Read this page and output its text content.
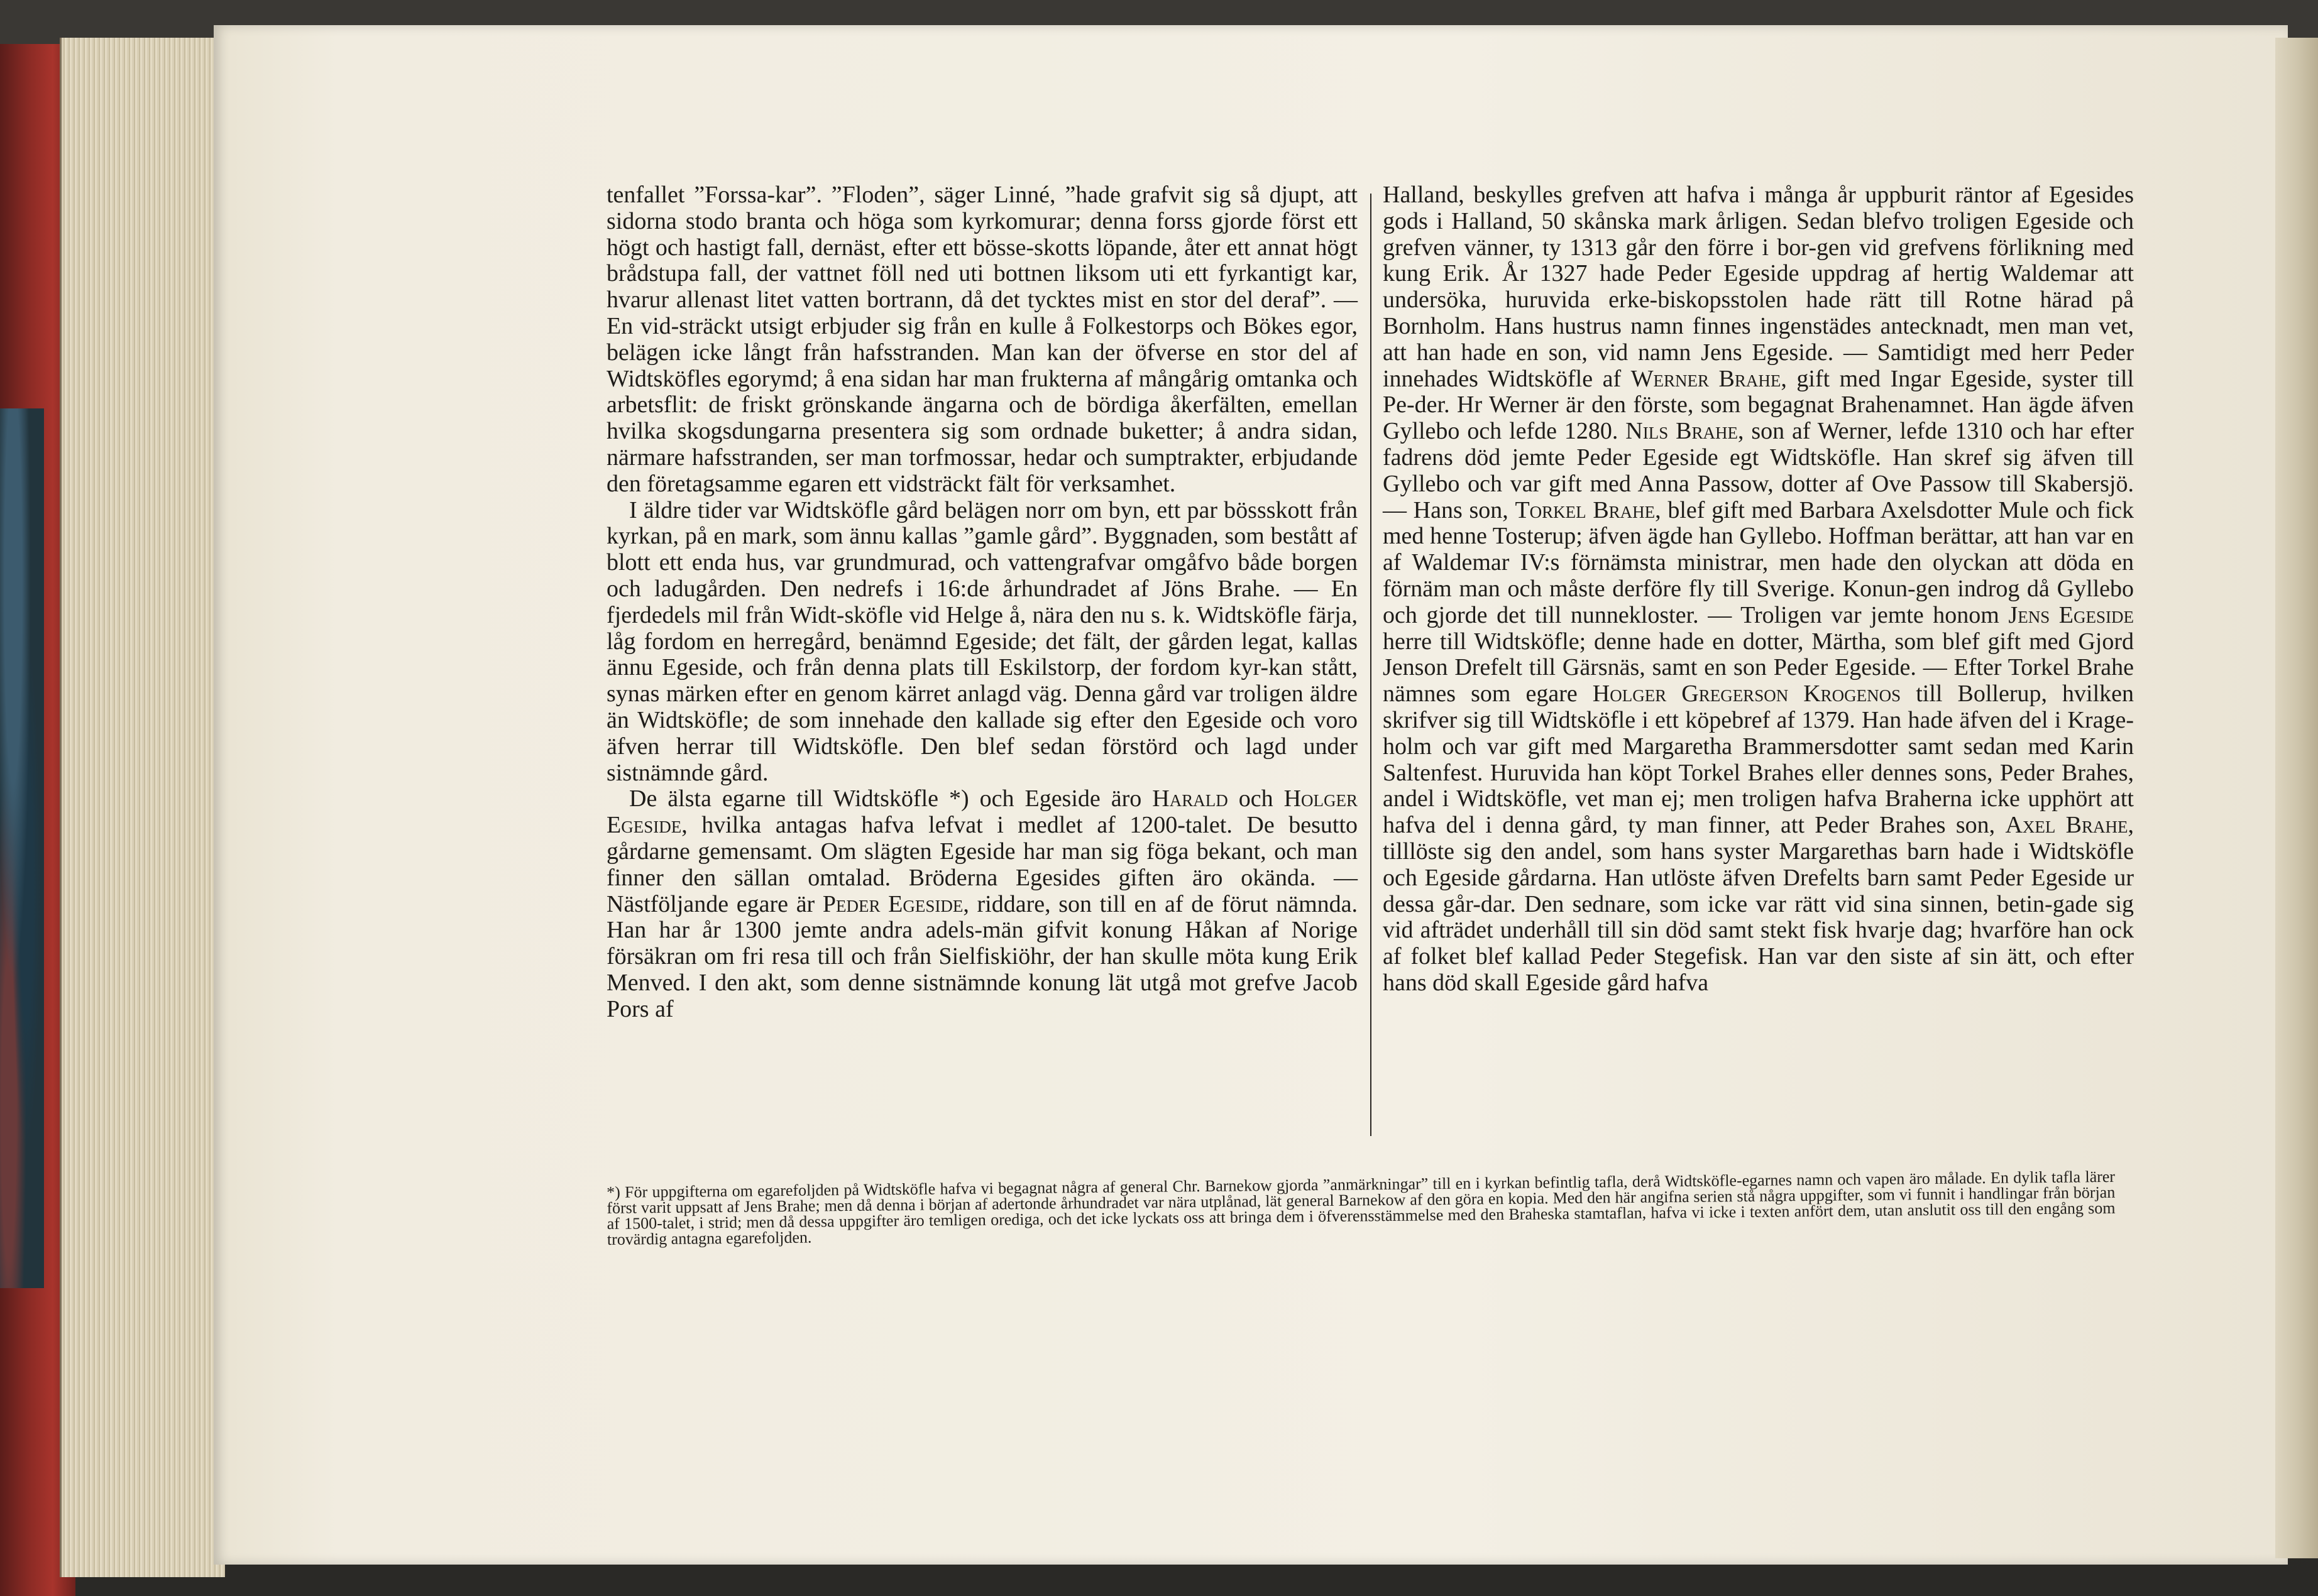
tenfallet ”Forssa-kar”. ”Floden”, säger Linné, ”hade grafvit sig så djupt, att sidorna stodo branta och höga som kyrkomurar; denna forss gjorde först ett högt och hastigt fall, dernäst, efter ett bösse-skotts löpande, åter ett annat högt brådstupa fall, der vattnet föll ned uti bottnen liksom uti ett fyrkantigt kar, hvarur allenast litet vatten bortrann, då det tycktes mist en stor del deraf”. — En vid-sträckt utsigt erbjuder sig från en kulle å Folkestorps och Bökes egor, belägen icke långt från hafsstranden. Man kan der öfverse en stor del af Widtsköfles egorymd; å ena sidan har man frukterna af mångårig omtanka och arbetsflit: de friskt grönskande ängarna och de bördiga åkerfälten, emellan hvilka skogsdungarna presentera sig som ordnade buketter; å andra sidan, närmare hafsstranden, ser man torfmossar, hedar och sumptrakter, erbjudande den företagsamme egaren ett vidsträckt fält för verksamhet.

I äldre tider var Widtsköfle gård belägen norr om byn, ett par bössskott från kyrkan, på en mark, som ännu kallas ”gamle gård”. Byggnaden, som bestått af blott ett enda hus, var grundmurad, och vattengrafvar omgåfvo både borgen och ladugården. Den nedrefs i 16:de århundradet af Jöns Brahe. — En fjerdedels mil från Widt-sköfle vid Helge å, nära den nu s. k. Widtsköfle färja, låg fordom en herregård, benämnd Egeside; det fält, der gården legat, kallas ännu Egeside, och från denna plats till Eskilstorp, der fordom kyr-kan stått, synas märken efter en genom kärret anlagd väg. Denna gård var troligen äldre än Widtsköfle; de som innehade den kallade sig efter den Egeside och voro äfven herrar till Widtsköfle. Den blef sedan förstörd och lagd under sistnämnde gård.

De älsta egarne till Widtsköfle *) och Egeside äro Harald och Holger Egeside, hvilka antagas hafva lefvat i medlet af 1200-talet. De besutto gårdarne gemensamt. Om slägten Egeside har man sig föga bekant, och man finner den sällan omtalad. Bröderna Egesides giften äro okända. — Nästföljande egare är Peder Egeside, riddare, son till en af de förut nämnda. Han har år 1300 jemte andra adels-män gifvit konung Håkan af Norige försäkran om fri resa till och från Sielfiskiöhr, der han skulle möta kung Erik Menved. I den akt, som denne sistnämnde konung lät utgå mot grefve Jacob Pors af

Halland, beskylles grefven att hafva i många år uppburit räntor af Egesides gods i Halland, 50 skånska mark årligen. Sedan blefvo troligen Egeside och grefven vänner, ty 1313 går den förre i bor-gen vid grefvens förlikning med kung Erik. År 1327 hade Peder Egeside uppdrag af hertig Waldemar att undersöka, huruvida erke-biskopsstolen hade rätt till Rotne härad på Bornholm. Hans hustrus namn finnes ingenstädes antecknadt, men man vet, att han hade en son, vid namn Jens Egeside. — Samtidigt med herr Peder innehades Widtsköfle af Werner Brahe, gift med Ingar Egeside, syster till Pe-der. Hr Werner är den förste, som begagnat Brahenamnet. Han ägde äfven Gyllebo och lefde 1280. Nils Brahe, son af Werner, lefde 1310 och har efter fadrens död jemte Peder Egeside egt Widtsköfle. Han skref sig äfven till Gyllebo och var gift med Anna Passow, dotter af Ove Passow till Skabersjö. — Hans son, Torkel Brahe, blef gift med Barbara Axelsdotter Mule och fick med henne Tosterup; äfven ägde han Gyllebo. Hoffman berättar, att han var en af Waldemar IV:s förnämsta ministrar, men hade den olyckan att döda en förnäm man och måste derföre fly till Sverige. Konun-gen indrog då Gyllebo och gjorde det till nunnekloster. — Troligen var jemte honom Jens Egeside herre till Widtsköfle; denne hade en dotter, Märtha, som blef gift med Gjord Jenson Drefelt till Gärsnäs, samt en son Peder Egeside. — Efter Torkel Brahe nämnes som egare Holger Gregerson Krogenos till Bollerup, hvilken skrifver sig till Widtsköfle i ett köpebref af 1379. Han hade äfven del i Krage-holm och var gift med Margaretha Brammersdotter samt sedan med Karin Saltenfest. Huruvida han köpt Torkel Brahes eller dennes sons, Peder Brahes, andel i Widtsköfle, vet man ej; men troligen hafva Braherna icke upphört att hafva del i denna gård, ty man finner, att Peder Brahes son, Axel Brahe, tilllöste sig den andel, som hans syster Margarethas barn hade i Widtsköfle och Egeside gårdarna. Han utlöste äfven Drefelts barn samt Peder Egeside ur dessa går-dar. Den sednare, som icke var rätt vid sina sinnen, betin-gade sig vid afträdet underhåll till sin död samt stekt fisk hvarje dag; hvarföre han ock af folket blef kallad Peder Stegefisk. Han var den siste af sin ätt, och efter hans död skall Egeside gård hafva

*) För uppgifterna om egarefoljden på Widtsköfle hafva vi begagnat några af general Chr. Barnekow gjorda ”anmärkningar” till en i kyrkan befintlig tafla, derå Widtsköfle-egarnes namn och vapen äro målade. En dylik tafla lärer först varit uppsatt af Jens Brahe; men då denna i början af adertonde århundradet var nära utplånad, lät general Barnekow af den göra en kopia. Med den här angifna serien stå några uppgifter, som vi funnit i handlingar från början af 1500-talet, i strid; men då dessa uppgifter äro temligen orediga, och det icke lyckats oss att bringa dem i öfverensstämmelse med den Braheska stamtaflan, hafva vi icke i texten anfört dem, utan anslutit oss till den engång som trovärdig antagna egarefoljden.
